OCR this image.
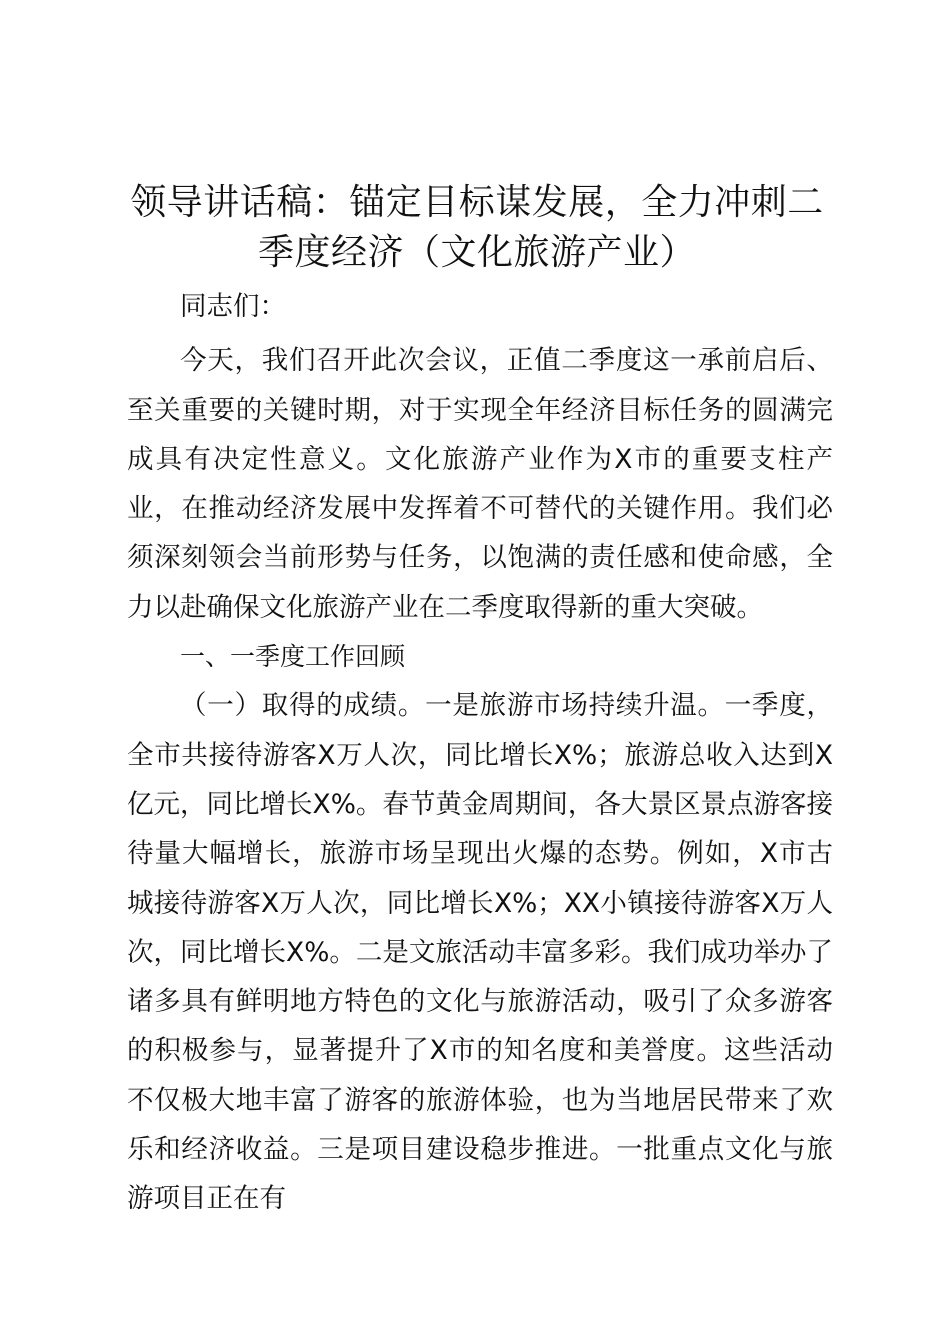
领导讲话稿：锚定目标谋发展，全力冲刺二季度经济（文化旅游产业）

同志们：

今天，我们召开此次会议，正值二季度这一承前启后、至关重要的关键时期，对于实现全年经济目标任务的圆满完成具有决定性意义。文化旅游产业作为X市的重要支柱产业，在推动经济发展中发挥着不可替代的关键作用。我们必须深刻领会当前形势与任务，以饱满的责任感和使命感，全力以赴确保文化旅游产业在二季度取得新的重大突破。

一、一季度工作回顾

（一）取得的成绩。一是旅游市场持续升温。一季度，全市共接待游客X万人次，同比增长X%；旅游总收入达到X亿元，同比增长X%。春节黄金周期间，各大景区景点游客接待量大幅增长，旅游市场呈现出火爆的态势。例如，X市古城接待游客X万人次，同比增长X%；XX小镇接待游客X万人次，同比增长X%。二是文旅活动丰富多彩。我们成功举办了诸多具有鲜明地方特色的文化与旅游活动，吸引了众多游客的积极参与，显著提升了X市的知名度和美誉度。这些活动不仅极大地丰富了游客的旅游体验，也为当地居民带来了欢乐和经济收益。三是项目建设稳步推进。一批重点文化与旅游项目正在有
